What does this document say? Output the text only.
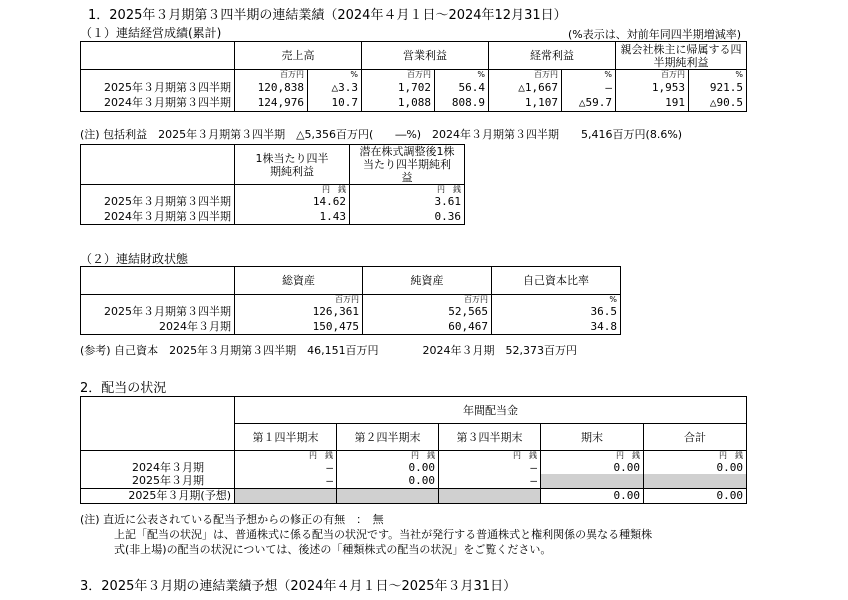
1．2025年３月期第３四半期の連結業績（2024年４月１日～2024年12月31日）
（１）連結経営成績(累計)	(%表示は、対前年同四半期増減率)
	売上高		営業利益		経常利益		親会社株主に帰属する四半期純利益	
	百万円	%	百万円	%	百万円	%	百万円	%
2025年３月期第３四半期	120,838	△3.3	1,702	56.4	△1,667	―	1,953	921.5
2024年３月期第３四半期	124,976	10.7	1,088	808.9	1,107	△59.7	191	△90.5
(注) 包括利益　2025年３月期第３四半期　△5,356百万円(　　―%)　2024年３月期第３四半期　　5,416百万円(8.6%)
	1株当たり四半期純利益	潜在株式調整後1株当たり四半期純利益
	円　銭	円　銭
2025年３月期第３四半期	14.62	3.61
2024年３月期第３四半期	1.43	0.36
（２）連結財政状態
	総資産	純資産	自己資本比率
	百万円	百万円	%
2025年３月期第３四半期	126,361	52,565	36.5
2024年３月期	150,475	60,467	34.8
(参考) 自己資本　2025年３月期第３四半期　46,151百万円　　　　2024年３月期　52,373百万円
2．配当の状況
	年間配当金				
	第１四半期末	第２四半期末	第３四半期末	期末	合計
	円　銭	円　銭	円　銭	円　銭	円　銭
2024年３月期	―	0.00	―	0.00	0.00
2025年３月期	―	0.00	―		
2025年３月期(予想)				0.00	0.00
(注) 直近に公表されている配当予想からの修正の有無　：　無
上記「配当の状況」は、普通株式に係る配当の状況です。当社が発行する普通株式と権利関係の異なる種類株
式(非上場)の配当の状況については、後述の「種類株式の配当の状況」をご覧ください。
3．2025年３月期の連結業績予想（2024年４月１日～2025年３月31日）
